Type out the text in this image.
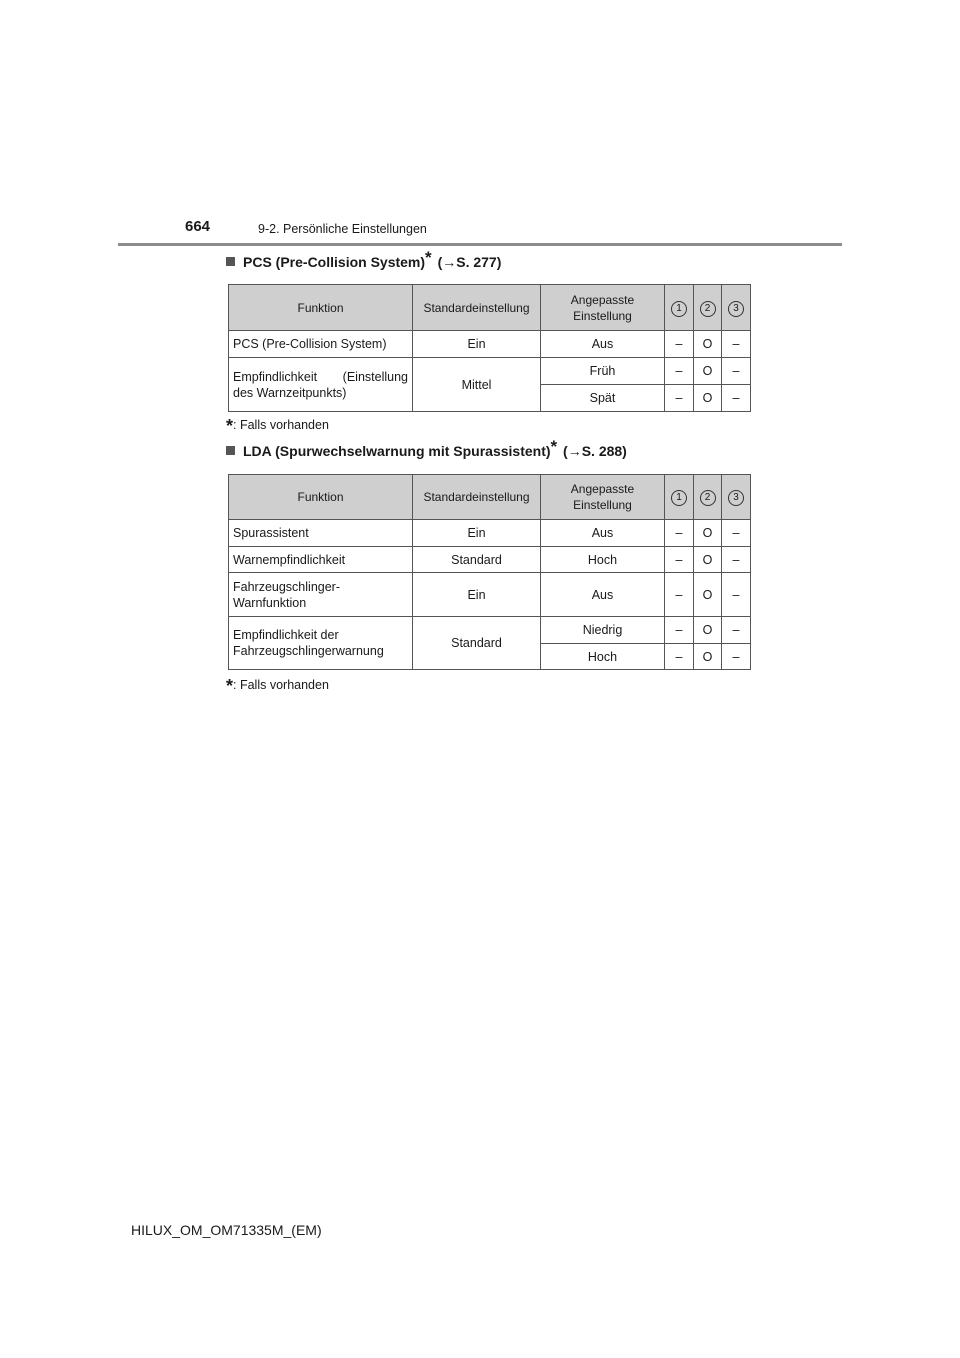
664	9-2. Persönliche Einstellungen
PCS (Pre-Collision System)* (→S. 277)
Funktion	Standardeinstellung	Angepasste Einstellung	1	2	3
PCS (Pre-Collision System)	Ein	Aus	–	O	–
Empfindlichkeit (Einstellung des Warnzeitpunkts)	Mittel	Früh	–	O	–
		Spät	–	O	–
*: Falls vorhanden
LDA (Spurwechselwarnung mit Spurassistent)* (→S. 288)
Funktion	Standardeinstellung	Angepasste Einstellung	1	2	3
Spurassistent	Ein	Aus	–	O	–
Warnempfindlichkeit	Standard	Hoch	–	O	–
Fahrzeugschlinger-Warnfunktion	Ein	Aus	–	O	–
Empfindlichkeit der Fahrzeugschlingerwarnung	Standard	Niedrig	–	O	–
		Hoch	–	O	–
*: Falls vorhanden
HILUX_OM_OM71335M_(EM)
